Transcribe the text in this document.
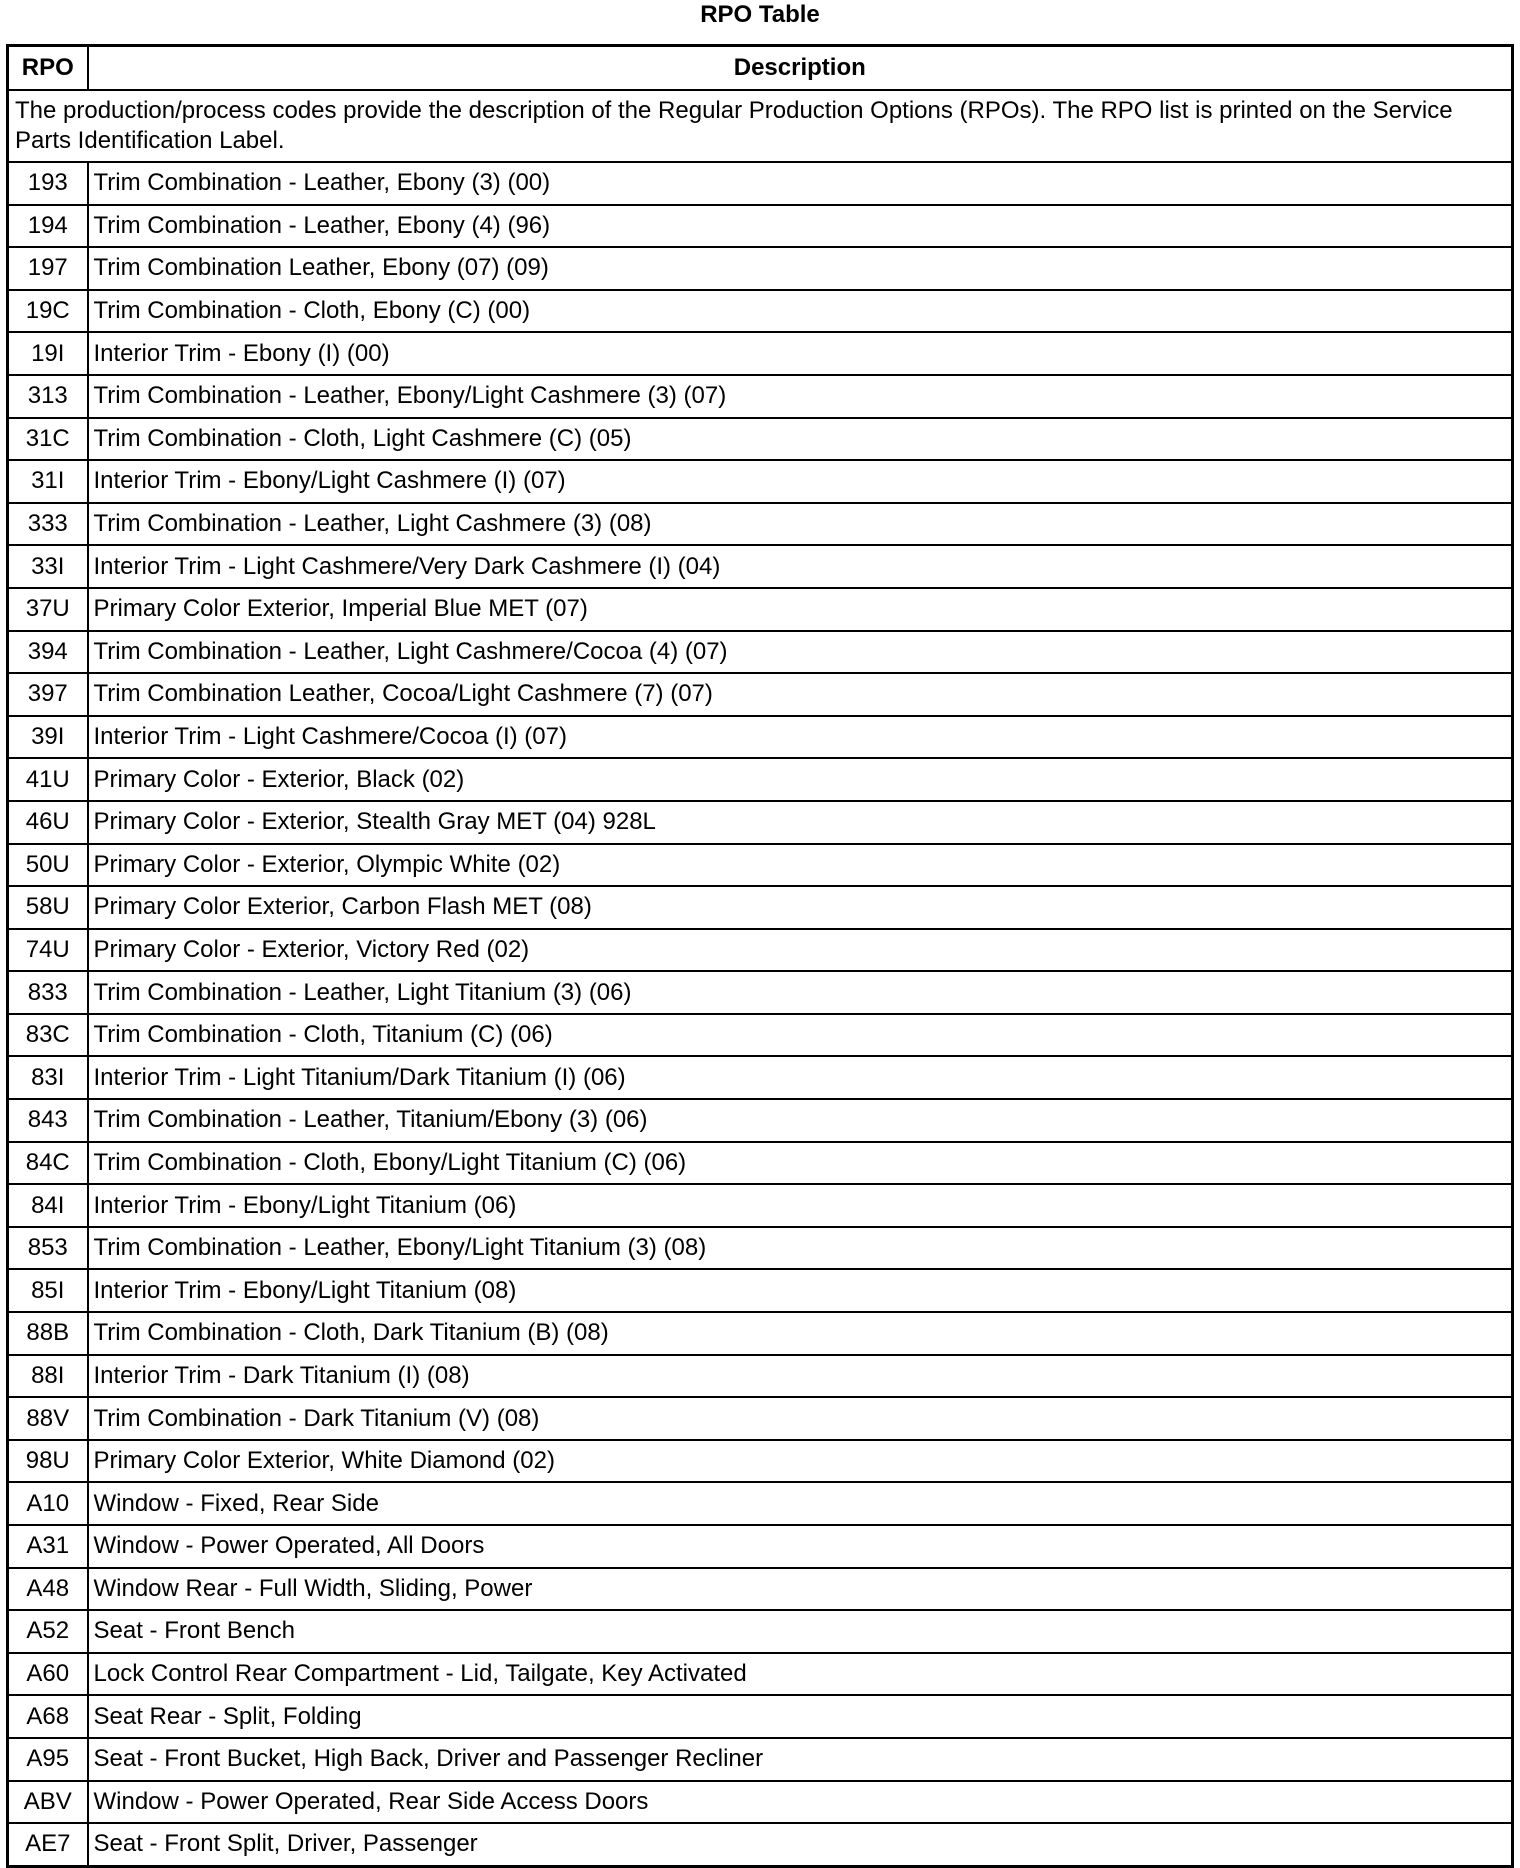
RPO Table
RPO	Description
The production/process codes provide the description of the Regular Production Options (RPOs). The RPO list is printed on the Service Parts Identification Label.	
193	Trim Combination - Leather, Ebony (3) (00)
194	Trim Combination - Leather, Ebony (4) (96)
197	Trim Combination Leather, Ebony (07) (09)
19C	Trim Combination - Cloth, Ebony (C) (00)
19I	Interior Trim - Ebony (I) (00)
313	Trim Combination - Leather, Ebony/Light Cashmere (3) (07)
31C	Trim Combination - Cloth, Light Cashmere (C) (05)
31I	Interior Trim - Ebony/Light Cashmere (I) (07)
333	Trim Combination - Leather, Light Cashmere (3) (08)
33I	Interior Trim - Light Cashmere/Very Dark Cashmere (I) (04)
37U	Primary Color Exterior, Imperial Blue MET (07)
394	Trim Combination - Leather, Light Cashmere/Cocoa (4) (07)
397	Trim Combination Leather, Cocoa/Light Cashmere (7) (07)
39I	Interior Trim - Light Cashmere/Cocoa (I) (07)
41U	Primary Color - Exterior, Black (02)
46U	Primary Color - Exterior, Stealth Gray MET (04) 928L
50U	Primary Color - Exterior, Olympic White (02)
58U	Primary Color Exterior, Carbon Flash MET (08)
74U	Primary Color - Exterior, Victory Red (02)
833	Trim Combination - Leather, Light Titanium (3) (06)
83C	Trim Combination - Cloth, Titanium (C) (06)
83I	Interior Trim - Light Titanium/Dark Titanium (I) (06)
843	Trim Combination - Leather, Titanium/Ebony (3) (06)
84C	Trim Combination - Cloth, Ebony/Light Titanium (C) (06)
84I	Interior Trim - Ebony/Light Titanium (06)
853	Trim Combination - Leather, Ebony/Light Titanium (3) (08)
85I	Interior Trim - Ebony/Light Titanium (08)
88B	Trim Combination - Cloth, Dark Titanium (B) (08)
88I	Interior Trim - Dark Titanium (I) (08)
88V	Trim Combination - Dark Titanium (V) (08)
98U	Primary Color Exterior, White Diamond (02)
A10	Window - Fixed, Rear Side
A31	Window - Power Operated, All Doors
A48	Window Rear - Full Width, Sliding, Power
A52	Seat - Front Bench
A60	Lock Control Rear Compartment - Lid, Tailgate, Key Activated
A68	Seat Rear - Split, Folding
A95	Seat - Front Bucket, High Back, Driver and Passenger Recliner
ABV	Window - Power Operated, Rear Side Access Doors
AE7	Seat - Front Split, Driver, Passenger
